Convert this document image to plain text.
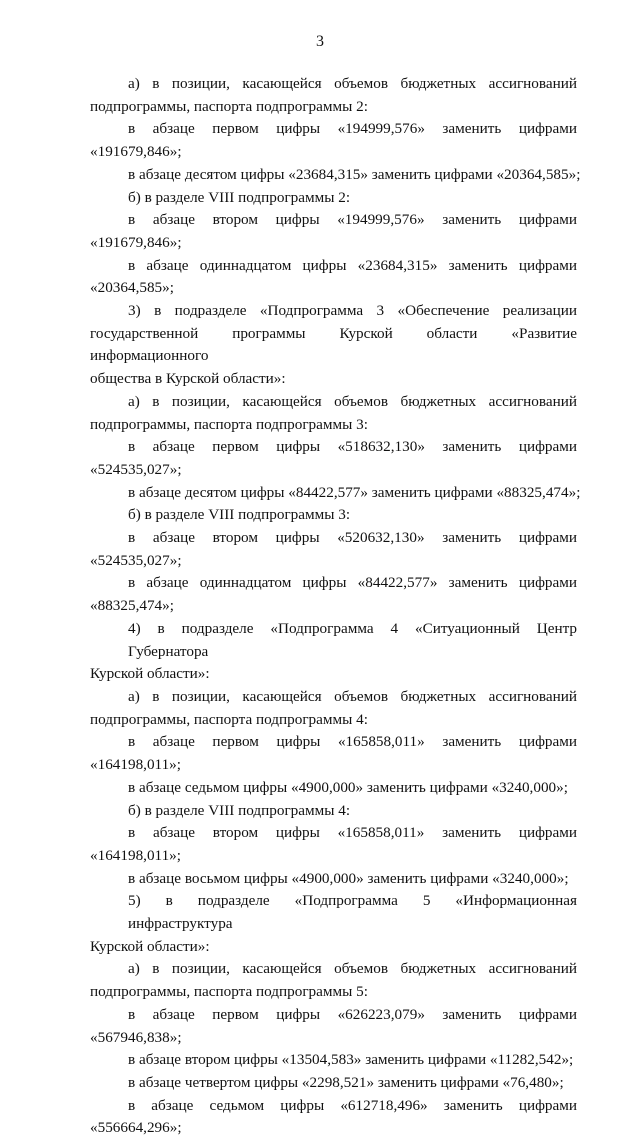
3
а) в позиции, касающейся объемов бюджетных ассигнований
подпрограммы, паспорта подпрограммы 2:
в абзаце первом цифры «194999,576» заменить цифрами
«191679,846»;
в абзаце десятом цифры «23684,315» заменить цифрами «20364,585»;
б) в разделе VIII подпрограммы 2:
в абзаце втором цифры «194999,576» заменить цифрами
«191679,846»;
в абзаце одиннадцатом цифры «23684,315» заменить цифрами
«20364,585»;
3) в подразделе «Подпрограмма 3 «Обеспечение реализации
государственной программы Курской области «Развитие информационного
общества в Курской области»:
а) в позиции, касающейся объемов бюджетных ассигнований
подпрограммы, паспорта подпрограммы 3:
в абзаце первом цифры «518632,130» заменить цифрами
«524535,027»;
в абзаце десятом цифры «84422,577» заменить цифрами «88325,474»;
б) в разделе VIII подпрограммы 3:
в абзаце втором цифры «520632,130» заменить цифрами
«524535,027»;
в абзаце одиннадцатом цифры «84422,577» заменить цифрами
«88325,474»;
4) в подразделе «Подпрограмма 4 «Ситуационный Центр Губернатора
Курской области»:
а) в позиции, касающейся объемов бюджетных ассигнований
подпрограммы, паспорта подпрограммы 4:
в абзаце первом цифры «165858,011» заменить цифрами
«164198,011»;
в абзаце седьмом цифры «4900,000» заменить цифрами «3240,000»;
б) в разделе VIII подпрограммы 4:
в абзаце втором цифры «165858,011» заменить цифрами
«164198,011»;
в абзаце восьмом цифры «4900,000» заменить цифрами «3240,000»;
5) в подразделе «Подпрограмма 5 «Информационная инфраструктура
Курской области»:
а) в позиции, касающейся объемов бюджетных ассигнований
подпрограммы, паспорта подпрограммы 5:
в абзаце первом цифры «626223,079» заменить цифрами
«567946,838»;
в абзаце втором цифры «13504,583» заменить цифрами «11282,542»;
в абзаце четвертом цифры «2298,521» заменить цифрами «76,480»;
в абзаце седьмом цифры «612718,496» заменить цифрами
«556664,296»;
